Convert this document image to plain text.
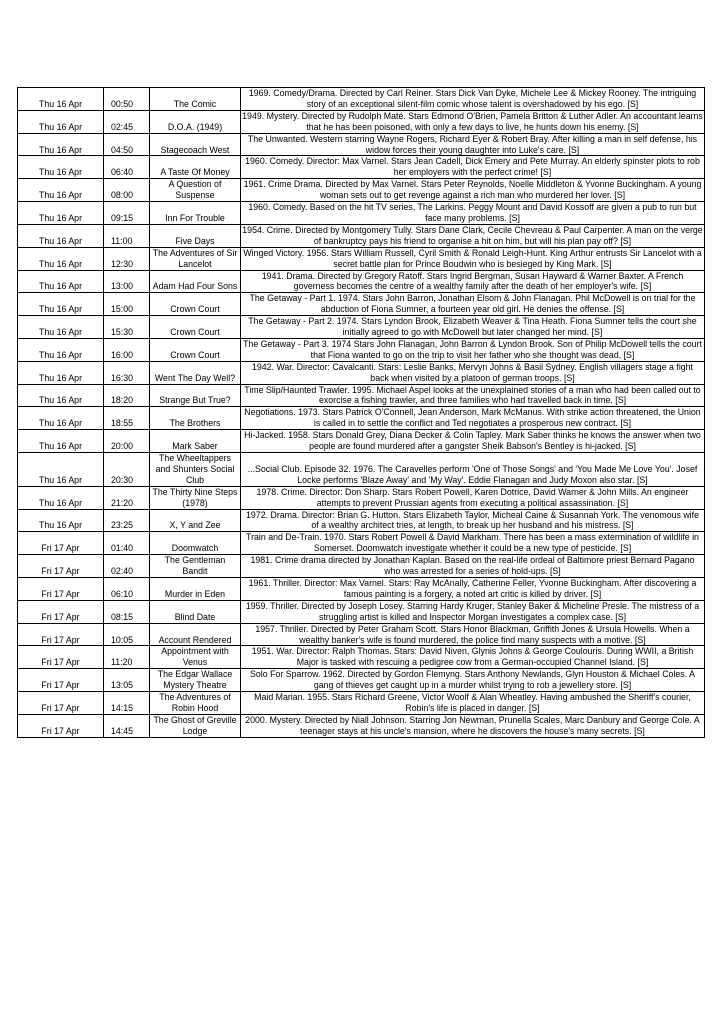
Thu 16 Apr	00:50	The Comic	1969. Comedy/Drama. Directed by Carl Reiner. Stars Dick Van Dyke, Michele Lee & Mickey Rooney. The intriguing story of an exceptional silent-film comic whose talent is overshadowed by his ego. [S]
Thu 16 Apr	02:45	D.O.A. (1949)	1949. Mystery. Directed by Rudolph Maté. Stars Edmond O'Brien, Pamela Britton & Luther Adler. An accountant learns that he has been poisoned, with only a few days to live, he hunts down his enemy. [S]
Thu 16 Apr	04:50	Stagecoach West	The Unwanted. Western starring Wayne Rogers, Richard Eyer & Robert Bray. After killing a man in self defense, his widow forces their young daughter into Luke's care. [S]
Thu 16 Apr	06:40	A Taste Of Money	1960. Comedy. Director: Max Varnel. Stars Jean Cadell, Dick Emery and Pete Murray. An elderly spinster plots to rob her employers with the perfect crime! [S]
Thu 16 Apr	08:00	A Question of Suspense	1961. Crime Drama. Directed by Max Varnel. Stars Peter Reynolds, Noelle Middleton & Yvonne Buckingham. A young woman sets out to get revenge against a rich man who murdered her lover. [S]
Thu 16 Apr	09:15	Inn For Trouble	1960. Comedy. Based on the hit TV series, The Larkins. Peggy Mount and David Kossoff are given a pub to run but face many problems. [S]
Thu 16 Apr	11:00	Five Days	1954. Crime. Directed by Montgomery Tully. Stars Dane Clark, Cecile Chevreau & Paul Carpenter. A man on the verge of bankruptcy pays his friend to organise a hit on him, but will his plan pay off? [S]
Thu 16 Apr	12:30	The Adventures of Sir Lancelot	Winged Victory. 1956. Stars William Russell, Cyril Smith & Ronald Leigh-Hunt. King Arthur entrusts Sir Lancelot with a secret battle plan for Prince Boudwin who is besieged by King Mark. [S]
Thu 16 Apr	13:00	Adam Had Four Sons	1941. Drama. Directed by Gregory Ratoff. Stars Ingrid Bergman, Susan Hayward & Warner Baxter. A French governess becomes the centre of a wealthy family after the death of her employer's wife. [S]
Thu 16 Apr	15:00	Crown Court	The Getaway - Part 1. 1974. Stars John Barron, Jonathan Elsom & John Flanagan. Phil McDowell is on trial for the abduction of Fiona Sumner, a fourteen year old girl. He denies the offense. [S]
Thu 16 Apr	15:30	Crown Court	The Getaway - Part 2. 1974. Stars Lyndon Brook, Elizabeth Weaver & Tina Heath. Fiona Sumner tells the court she initially agreed to go with McDowell but later changed her mind. [S]
Thu 16 Apr	16:00	Crown Court	The Getaway - Part 3. 1974 Stars John Flanagan, John Barron & Lyndon Brook. Son of Philip McDowell tells the court that Fiona wanted to go on the trip to visit her father who she thought was dead. [S]
Thu 16 Apr	16:30	Went The Day Well?	1942. War. Director: Cavalcanti. Stars: Leslie Banks, Mervyn Johns & Basil Sydney. English villagers stage a fight back when visited by a platoon of german troops. [S]
Thu 16 Apr	18:20	Strange But True?	Time Slip/Haunted Trawler. 1995. Michael Aspel looks at the unexplained stories of a man who had been called out to exorcise a fishing trawler, and three families who had travelled back in time. [S]
Thu 16 Apr	18:55	The Brothers	Negotiations. 1973. Stars Patrick O'Connell, Jean Anderson, Mark McManus. With strike action threatened, the Union is called in to settle the conflict and Ted negotiates a prosperous new contract. [S]
Thu 16 Apr	20:00	Mark Saber	Hi-Jacked. 1958. Stars Donald Grey, Diana Decker & Colin Tapley. Mark Saber thinks he knows the answer when two people are found murdered after a gangster Sheik Babson's Bentley is hi-jacked. [S]
Thu 16 Apr	20:30	The Wheeltappers and Shunters Social Club	...Social Club. Episode 32. 1976. The Caravelles perform 'One of Those Songs' and 'You Made Me Love You'. Josef Locke performs 'Blaze Away' and 'My Way'. Eddie Flanagan and Judy Moxon also star. [S]
Thu 16 Apr	21:20	The Thirty Nine Steps (1978)	1978. Crime. Director: Don Sharp. Stars Robert Powell, Karen Dotrice, David Warner & John Mills. An engineer attempts to prevent Prussian agents from executing a political assassination. [S]
Thu 16 Apr	23:25	X, Y and Zee	1972. Drama. Director: Brian G. Hutton. Stars Elizabeth Taylor, Micheal Caine & Susannah York. The venomous wife of a wealthy architect tries, at length, to break up her husband and his mistress. [S]
Fri 17 Apr	01:40	Doomwatch	Train and De-Train. 1970. Stars Robert Powell & David Markham. There has been a mass extermination of wildlife in Somerset. Doomwatch investigate whether it could be a new type of pesticide. [S]
Fri 17 Apr	02:40	The Gentleman Bandit	1981. Crime drama directed by Jonathan Kaplan. Based on the real-life ordeal of Baltimore priest Bernard Pagano who was arrested for a series of hold-ups. [S]
Fri 17 Apr	06:10	Murder in Eden	1961. Thriller. Director: Max Varnel. Stars: Ray McAnally, Catherine Feller, Yvonne Buckingham. After discovering a famous painting is a forgery, a noted art critic is killed by driver. [S]
Fri 17 Apr	08:15	Blind Date	1959. Thriller. Directed by Joseph Losey. Starring Hardy Kruger, Stanley Baker & Micheline Presle. The mistress of a struggling artist is killed and Inspector Morgan investigates a complex case. [S]
Fri 17 Apr	10:05	Account Rendered	1957. Thriller. Directed by Peter Graham Scott. Stars Honor Blackman, Griffith Jones & Ursula Howells. When a wealthy banker's wife is found murdered, the police find many suspects with a motive. [S]
Fri 17 Apr	11:20	Appointment with Venus	1951. War. Director: Ralph Thomas. Stars: David Niven, Glynis Johns & George Coulouris. During WWII, a British Major is tasked with rescuing a pedigree cow from a German-occupied Channel Island. [S]
Fri 17 Apr	13:05	The Edgar Wallace Mystery Theatre	Solo For Sparrow. 1962. Directed by Gordon Flemyng. Stars Anthony Newlands, Glyn Houston & Michael Coles. A gang of thieves get caught up in a murder whilst trying to rob a jewellery store. [S]
Fri 17 Apr	14:15	The Adventures of Robin Hood	Maid Marian. 1955. Stars Richard Greene, Victor Woolf & Alan Wheatley. Having ambushed the Sheriff's courier, Robin's life is placed in danger. [S]
Fri 17 Apr	14:45	The Ghost of Greville Lodge	2000. Mystery. Directed by Niall Johnson. Starring Jon Newman, Prunella Scales, Marc Danbury and George Cole. A teenager stays at his uncle's mansion, where he discovers the house's many secrets. [S]
